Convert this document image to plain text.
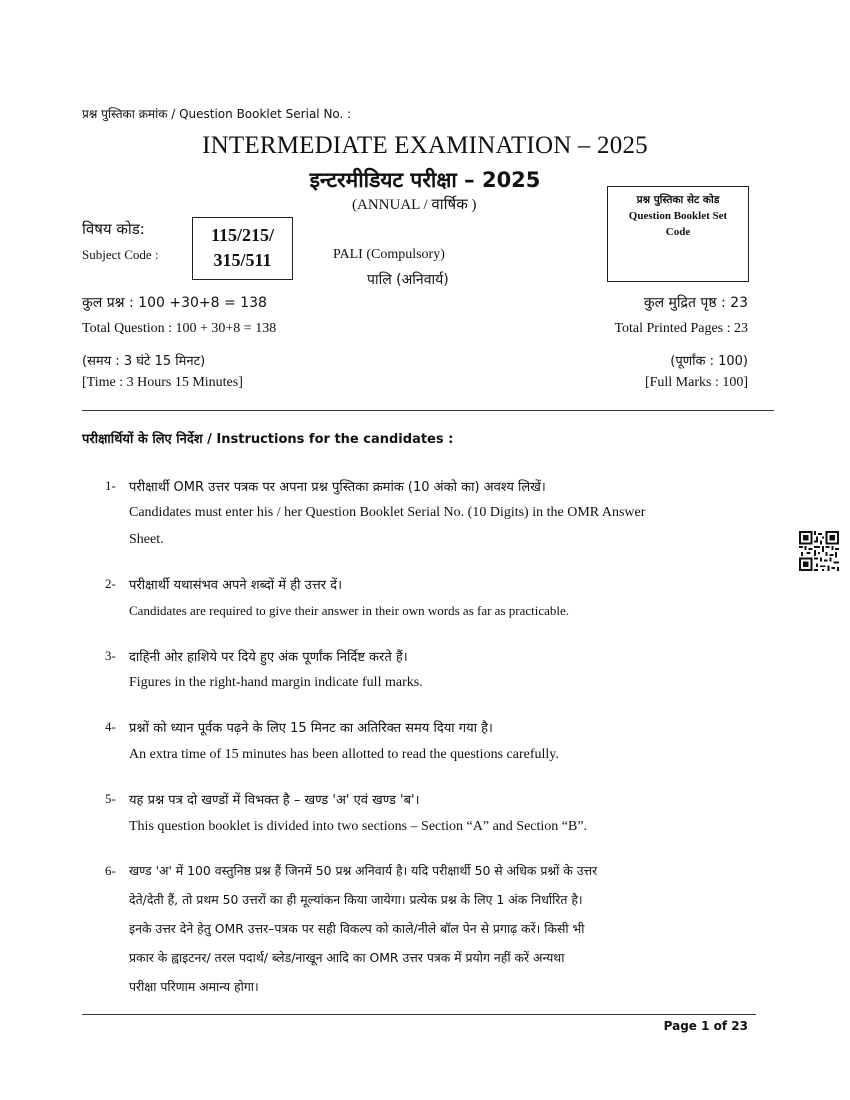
प्रश्न पुस्तिका क्रमांक / Question Booklet Serial No. :
INTERMEDIATE EXAMINATION – 2025
इन्टरमीडियट परीक्षा – 2025
(ANNUAL / वार्षिक )	प्रश्न पुस्तिका सेट कोड
Question Booklet Set
Code
विषय कोड:
Subject Code :
115/215/
315/511	PALI (Compulsory)
पालि (अनिवार्य)
कुल प्रश्न : 100 +30+8 = 138
Total Question : 100 + 30+8 = 138
कुल मुद्रित पृष्ठ : 23
Total Printed Pages : 23
(समय : 3 घंटे 15 मिनट)
[Time : 3 Hours 15 Minutes]
(पूर्णांक : 100)
[Full Marks : 100]
परीक्षार्थियों के लिए निर्देश / Instructions for the candidates :
1- परीक्षार्थी OMR उत्तर पत्रक पर अपना प्रश्न पुस्तिका क्रमांक (10 अंको का) अवश्य लिखें।
Candidates must enter his / her Question Booklet Serial No. (10 Digits) in the OMR Answer
Sheet.
2- परीक्षार्थी यथासंभव अपने शब्दों में ही उत्तर दें।
Candidates are required to give their answer in their own words as far as practicable.
3- दाहिनी ओर हाशिये पर दिये हुए अंक पूर्णांक निर्दिष्ट करते हैं।
Figures in the right-hand margin indicate full marks.
4- प्रश्नों को ध्यान पूर्वक पढ़ने के लिए 15 मिनट का अतिरिक्त समय दिया गया है।
An extra time of 15 minutes has been allotted to read the questions carefully.
5- यह प्रश्न पत्र दो खण्डों में विभक्त है – खण्ड 'अ' एवं खण्ड 'ब'।
This question booklet is divided into two sections – Section “A” and Section “B”.
6- खण्ड 'अ' में 100 वस्तुनिष्ठ प्रश्न हैं जिनमें 50 प्रश्न अनिवार्य है। यदि परीक्षार्थी 50 से अधिक प्रश्नों के उत्तर
देते/देती हैं, तो प्रथम 50 उत्तरों का ही मूल्यांकन किया जायेगा। प्रत्येक प्रश्न के लिए 1 अंक निर्धारित है।
इनके उत्तर देने हेतु OMR उत्तर–पत्रक पर सही विकल्प को काले/नीले बॉल पेन से प्रगाढ़ करें। किसी भी
प्रकार के ह्वाइटनर/ तरल पदार्थ/ ब्लेड/नाखून आदि का OMR उत्तर पत्रक में प्रयोग नहीं करें अन्यथा
परीक्षा परिणाम अमान्य होगा।
Page 1 of 23
